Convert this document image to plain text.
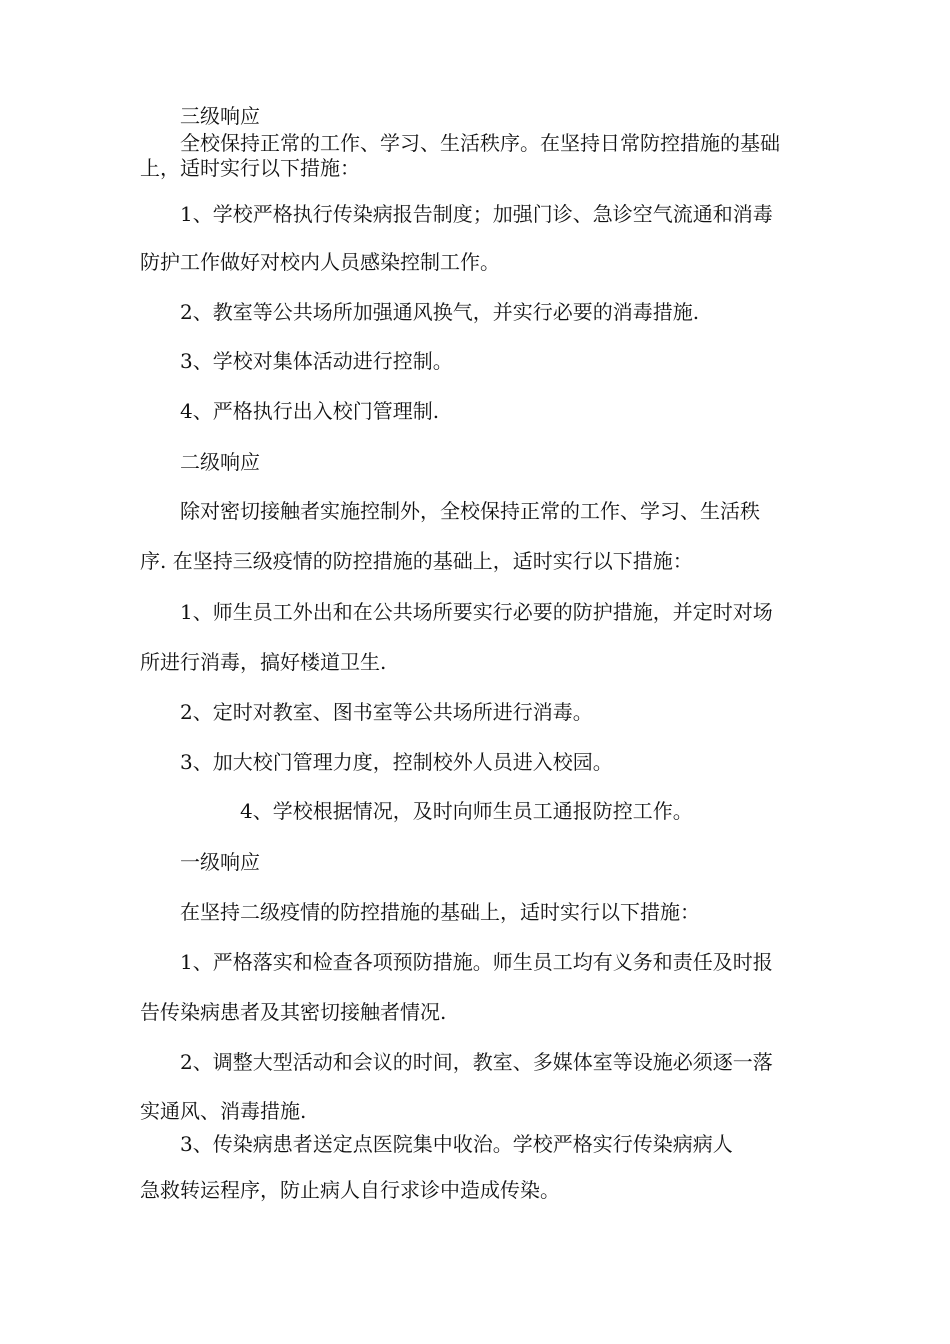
三级响应

全校保持正常的工作、学习、生活秩序。在坚持日常防控措施的基础

上，适时实行以下措施：

1、学校严格执行传染病报告制度；加强门诊、急诊空气流通和消毒

防护工作做好对校内人员感染控制工作。

2、教室等公共场所加强通风换气，并实行必要的消毒措施.

3、学校对集体活动进行控制。

4、严格执行出入校门管理制.

二级响应

除对密切接触者实施控制外，全校保持正常的工作、学习、生活秩

序. 在坚持三级疫情的防控措施的基础上，适时实行以下措施：

1、师生员工外出和在公共场所要实行必要的防护措施，并定时对场

所进行消毒，搞好楼道卫生.

2、定时对教室、图书室等公共场所进行消毒。

3、加大校门管理力度，控制校外人员进入校园。

4、学校根据情况，及时向师生员工通报防控工作。

一级响应

在坚持二级疫情的防控措施的基础上，适时实行以下措施：

1、严格落实和检查各项预防措施。师生员工均有义务和责任及时报

告传染病患者及其密切接触者情况.

2、调整大型活动和会议的时间，教室、多媒体室等设施必须逐一落

实通风、消毒措施.

3、传染病患者送定点医院集中收治。学校严格实行传染病病人

急救转运程序，防止病人自行求诊中造成传染。
